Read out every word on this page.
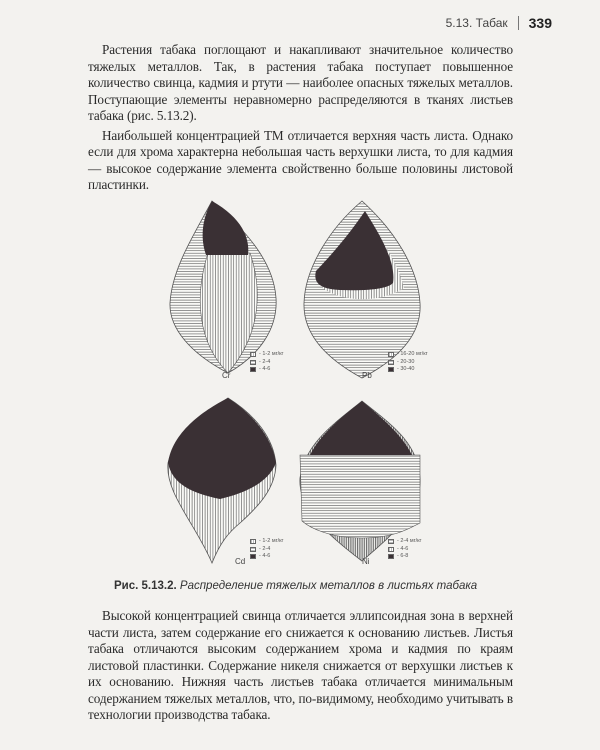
5.13. Табак 339

Растения табака поглощают и накапливают значительное количество тяжелых металлов. Так, в растения табака поступает повышенное количество свинца, кадмия и ртути — наиболее опасных тяжелых металлов. Поступающие элементы неравномерно распределяются в тканях листьев табака (рис. 5.13.2).

Наибольшей концентрацией ТМ отличается верхняя часть листа. Однако если для хрома характерна небольшая часть верхушки листа, то для кадмия — высокое содержание элемента свойственно больше половины листовой пластинки.

Cr
- 1-2 мг/кг
- 2-4
- 4-6
Pb
- 16-20 мг/кг
- 20-30
- 30-40
Cd
- 1-2 мг/кг
- 2-4
- 4-6
Ni
- 2-4 мг/кг
- 4-6
- 6-8
Рис. 5.13.2. Распределение тяжелых металлов в листьях табака

Высокой концентрацией свинца отличается эллипсоидная зона в верхней части листа, затем содержание его снижается к основанию листьев. Листья табака отличаются высоким содержанием хрома и кадмия по краям листовой пластинки. Содержание никеля снижается от верхушки листьев к их основанию. Нижняя часть листьев табака отличается минимальным содержанием тяжелых металлов, что, по-видимому, необходимо учитывать в технологии производства табака.
